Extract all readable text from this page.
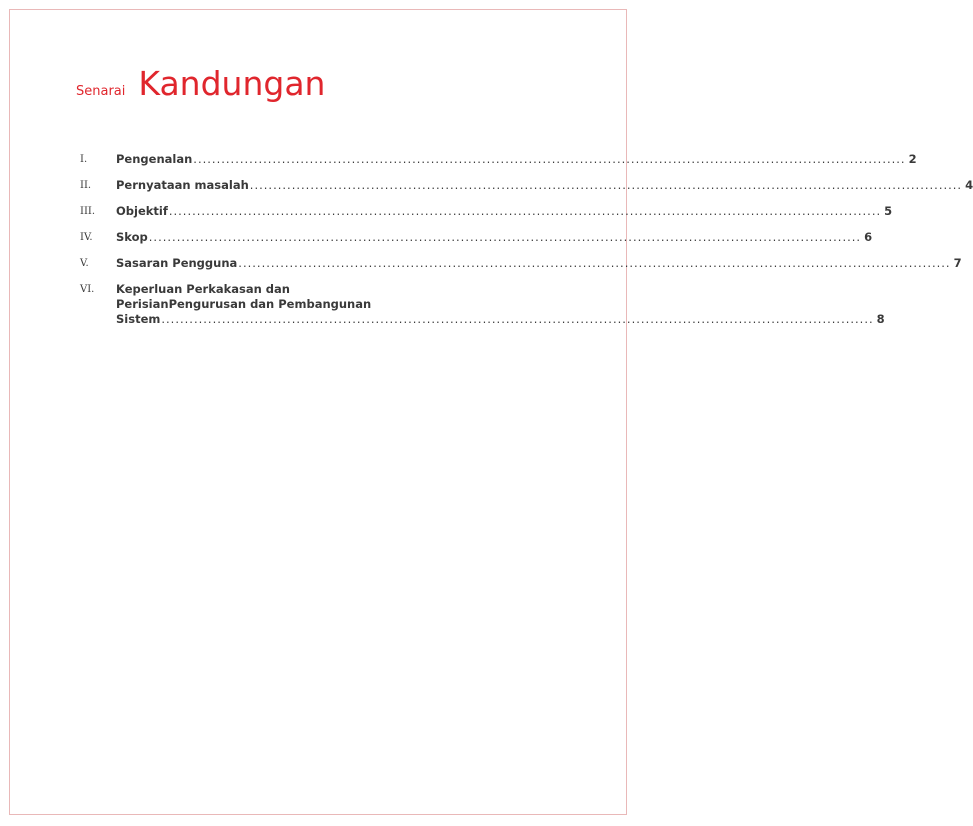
Senarai Kandungan
I.	Pengenalan ......................................................................................................................................................... 2
II.	Pernyataan masalah ......................................................................................................................................................... 4
III.	Objektif ......................................................................................................................................................... 5
IV.	Skop ......................................................................................................................................................... 6
V.	Sasaran Pengguna ......................................................................................................................................................... 7
VI.	Keperluan Perkakasan dan
PerisianPengurusan dan Pembangunan
Sistem ......................................................................................................................................................... 8
